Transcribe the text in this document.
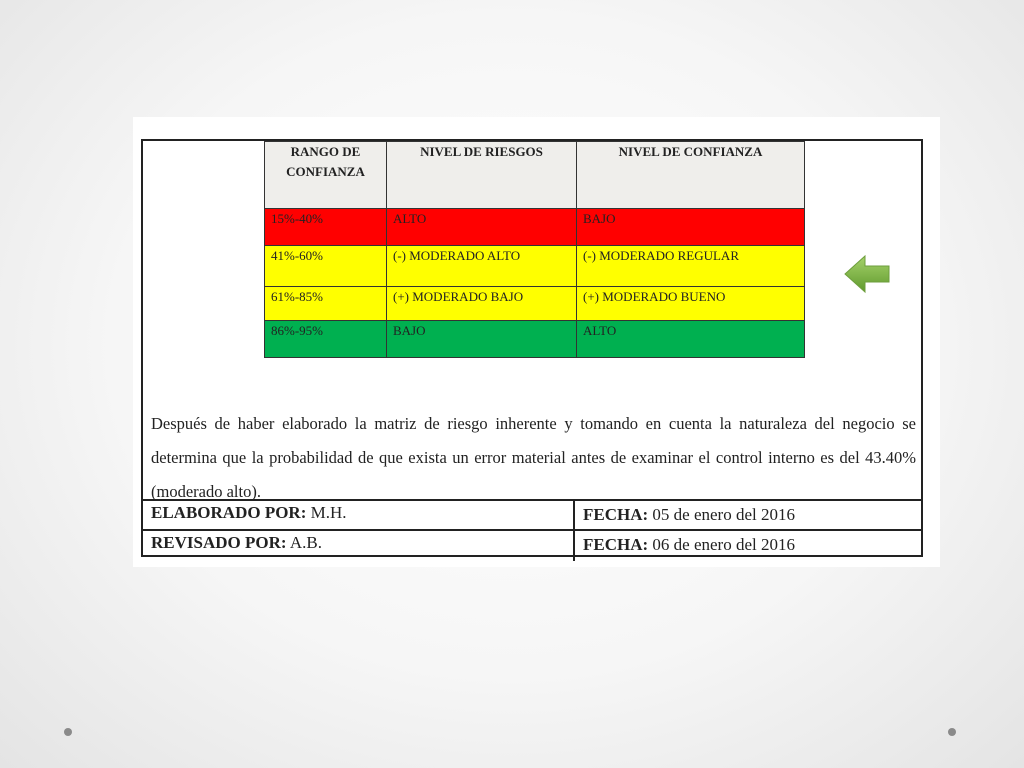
RANGO DE CONFIANZA	NIVEL DE RIESGOS	NIVEL DE CONFIANZA
15%-40%	ALTO	BAJO
41%-60%	(-) MODERADO ALTO	(-) MODERADO REGULAR
61%-85%	(+) MODERADO BAJO	(+) MODERADO BUENO
86%-95%	BAJO	ALTO

Después de haber elaborado la matriz de riesgo inherente y tomando en cuenta la naturaleza del negocio se determina que la probabilidad de que exista un error material antes de examinar el control interno es del 43.40% (moderado alto).

ELABORADO POR: M.H.	FECHA: 05 de enero del 2016
REVISADO POR: A.B.	FECHA: 06 de enero del 2016
